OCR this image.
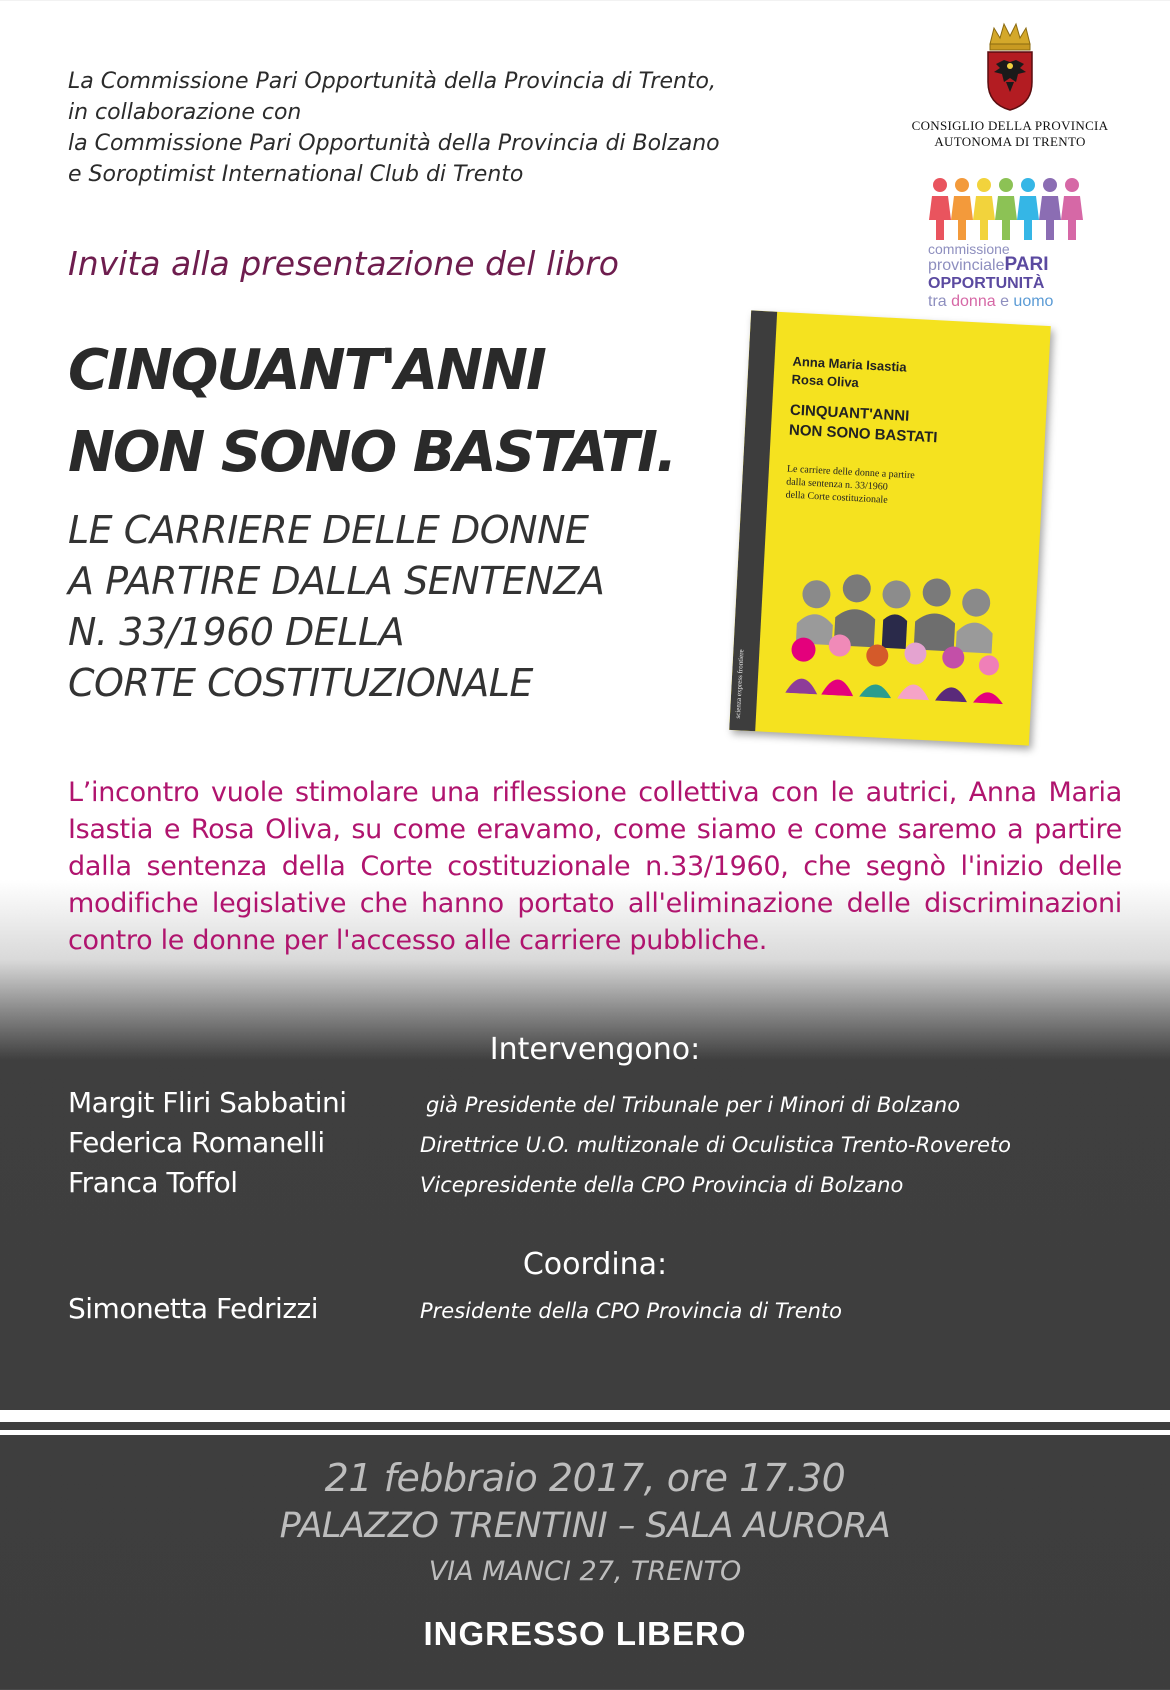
La Commissione Pari Opportunità della Provincia di Trento,
in collaborazione con
la Commissione Pari Opportunità della Provincia di Bolzano
e Soroptimist International Club di Trento
CONSIGLIO DELLA PROVINCIA
AUTONOMA DI TRENTO
commissione
provincialePARI
OPPORTUNITÀ
tra donna e uomo
Invita alla presentazione del libro
CINQUANT'ANNI
NON SONO BASTATI.
LE CARRIERE DELLE DONNE
A PARTIRE DALLA SENTENZA
N. 33/1960 DELLA
CORTE COSTITUZIONALE
Anna Maria Isastia
Rosa Oliva
CINQUANT'ANNI
NON SONO BASTATI
Le carriere delle donne a partire
dalla sentenza n. 33/1960
della Corte costituzionale
scienza express frontiere
L’incontro vuole stimolare una riflessione collettiva con le autrici, Anna Maria Isastia e Rosa Oliva, su come eravamo, come siamo e come saremo a partire dalla sentenza della Corte costituzionale n.33/1960, che segnò l'inizio delle modifiche legislative che hanno portato all'eliminazione delle discriminazioni contro le donne per l'accesso alle carriere pubbliche.
Intervengono:
Margit Fliri Sabbatini	già Presidente del Tribunale per i Minori di Bolzano
Federica Romanelli	Direttrice U.O. multizonale di Oculistica Trento-Rovereto
Franca Toffol	Vicepresidente della CPO Provincia di Bolzano
Coordina:
Simonetta Fedrizzi	Presidente della CPO Provincia di Trento
21 febbraio 2017, ore 17.30
PALAZZO TRENTINI – SALA AURORA
VIA MANCI 27, TRENTO
INGRESSO LIBERO
